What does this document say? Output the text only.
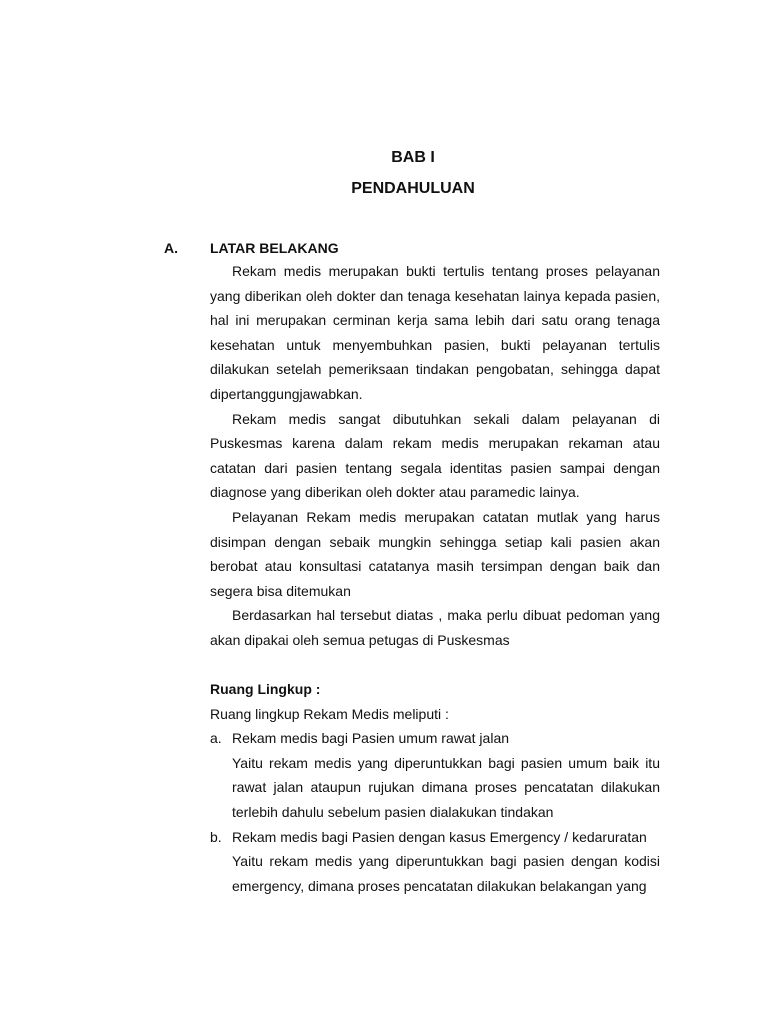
BAB I
PENDAHULUAN
A. LATAR BELAKANG

Rekam medis merupakan bukti tertulis tentang proses pelayanan yang diberikan oleh dokter dan tenaga kesehatan lainya kepada pasien, hal ini merupakan cerminan kerja sama lebih dari satu orang tenaga kesehatan untuk menyembuhkan pasien, bukti pelayanan tertulis dilakukan setelah pemeriksaan tindakan pengobatan, sehingga dapat dipertanggungjawabkan.

Rekam medis sangat dibutuhkan sekali dalam pelayanan di Puskesmas karena dalam rekam medis merupakan rekaman atau catatan dari pasien tentang segala identitas pasien sampai dengan diagnose yang diberikan oleh dokter atau paramedic lainya.

Pelayanan Rekam medis merupakan catatan mutlak yang harus disimpan dengan sebaik mungkin sehingga setiap kali pasien akan berobat atau konsultasi catatanya masih tersimpan dengan baik dan segera bisa ditemukan

Berdasarkan hal tersebut diatas , maka perlu dibuat pedoman yang akan dipakai oleh semua petugas di Puskesmas

Ruang Lingkup :

Ruang lingkup Rekam Medis meliputi :

a. Rekam medis bagi Pasien umum rawat jalan
Yaitu rekam medis yang diperuntukkan bagi pasien umum baik itu rawat jalan ataupun rujukan dimana proses pencatatan dilakukan terlebih dahulu sebelum pasien dialakukan tindakan
b. Rekam medis bagi Pasien dengan kasus Emergency / kedaruratan
Yaitu rekam medis yang diperuntukkan bagi pasien dengan kodisi emergency, dimana proses pencatatan dilakukan belakangan yang
